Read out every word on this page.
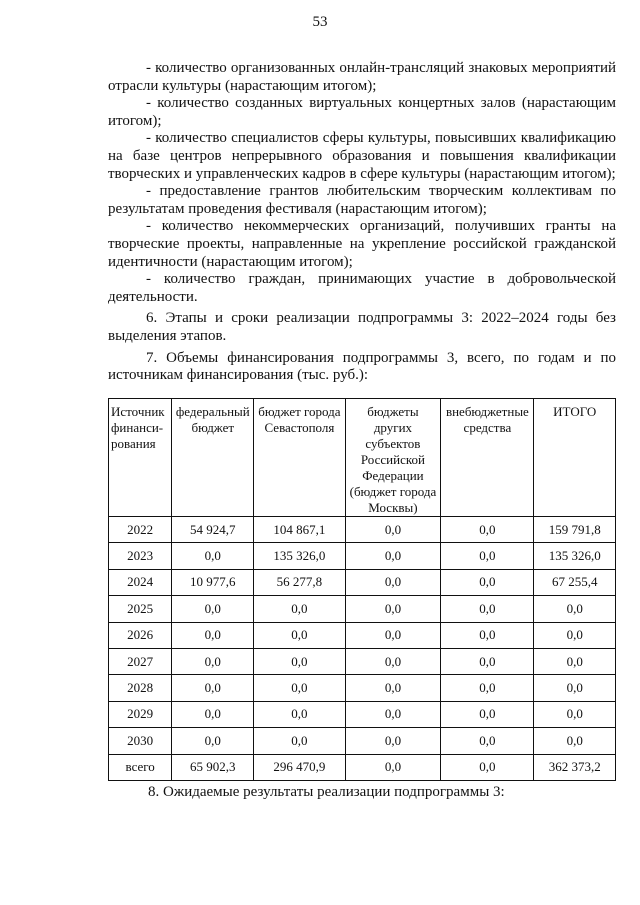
53

- количество организованных онлайн-трансляций знаковых мероприятий отрасли культуры (нарастающим итогом);

- количество созданных виртуальных концертных залов (нарастающим итогом);

- количество специалистов сферы культуры, повысивших квалификацию на базе центров непрерывного образования и повышения квалификации творческих и управленческих кадров в сфере культуры (нарастающим итогом);

- предоставление грантов любительским творческим коллективам по результатам проведения фестиваля (нарастающим итогом);

- количество некоммерческих организаций, получивших гранты на творческие проекты, направленные на укрепление российской гражданской идентичности (нарастающим итогом);

- количество граждан, принимающих участие в добровольческой деятельности.

6. Этапы и сроки реализации подпрограммы 3: 2022–2024 годы без выделения этапов.

7. Объемы финансирования подпрограммы 3, всего, по годам и по источникам финансирования (тыс. руб.):

Источник финанси-рования	федеральный бюджет	бюджет города Севастополя	бюджеты других субъектов Российской Федерации (бюджет города Москвы)	внебюджетные средства	ИТОГО
2022	54 924,7	104 867,1	0,0	0,0	159 791,8
2023	0,0	135 326,0	0,0	0,0	135 326,0
2024	10 977,6	56 277,8	0,0	0,0	67 255,4
2025	0,0	0,0	0,0	0,0	0,0
2026	0,0	0,0	0,0	0,0	0,0
2027	0,0	0,0	0,0	0,0	0,0
2028	0,0	0,0	0,0	0,0	0,0
2029	0,0	0,0	0,0	0,0	0,0
2030	0,0	0,0	0,0	0,0	0,0
всего	65 902,3	296 470,9	0,0	0,0	362 373,2
8. Ожидаемые результаты реализации подпрограммы 3:
